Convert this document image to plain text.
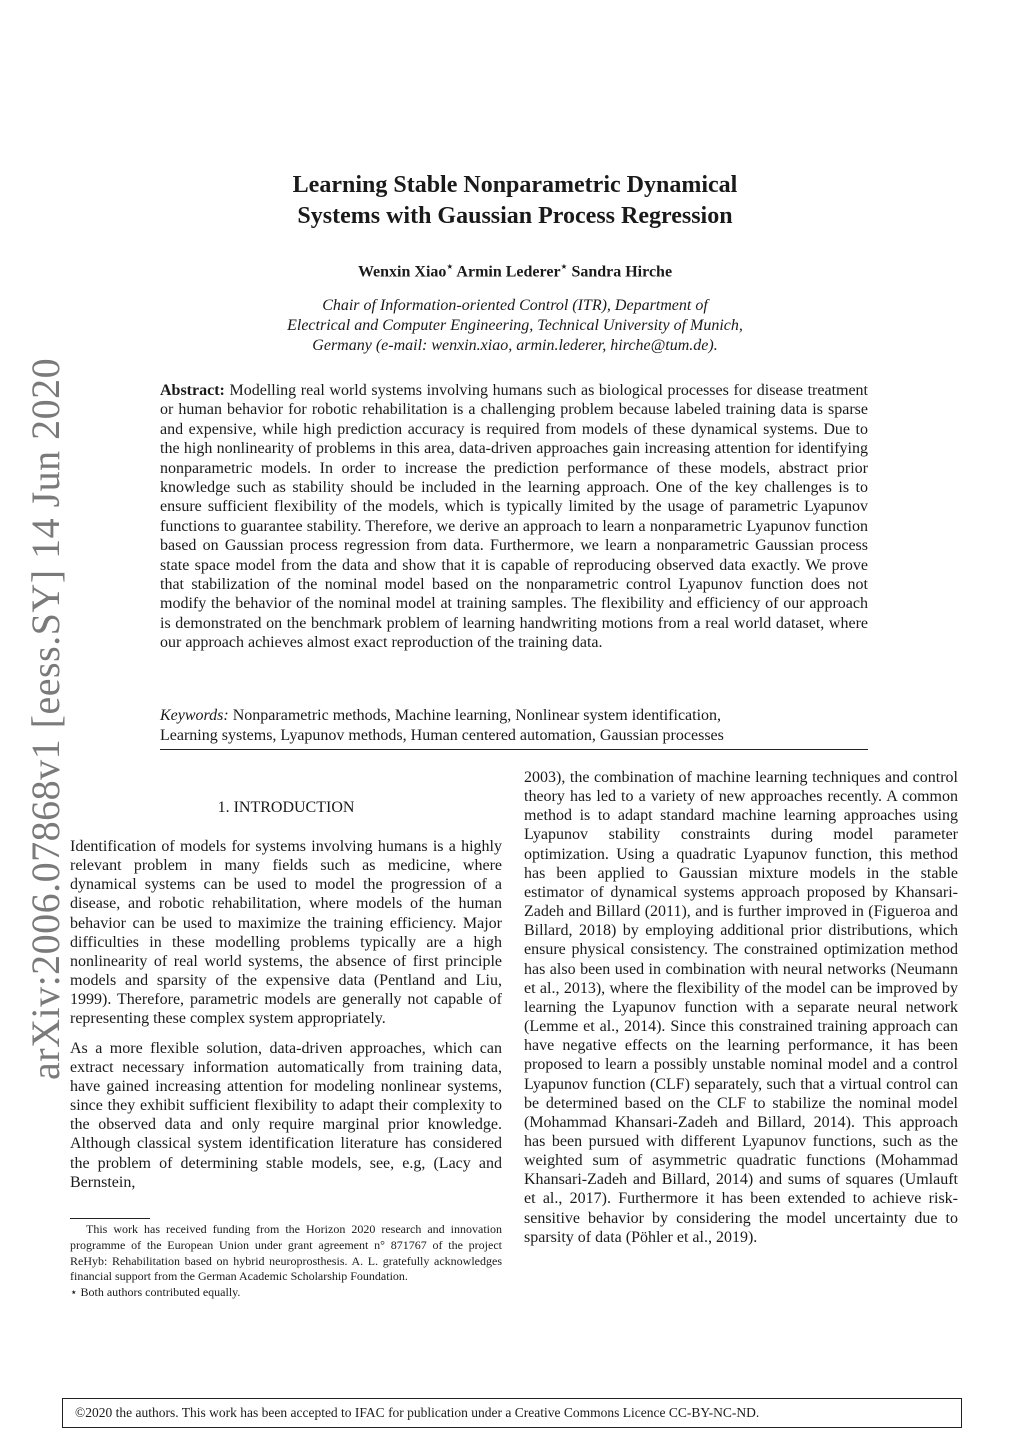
arXiv:2006.07868v1 [eess.SY] 14 Jun 2020
Learning Stable Nonparametric Dynamical
Systems with Gaussian Process Regression
Wenxin Xiao⋆ Armin Lederer⋆ Sandra Hirche
Chair of Information-oriented Control (ITR), Department of
Electrical and Computer Engineering, Technical University of Munich,
Germany (e-mail: wenxin.xiao, armin.lederer, hirche@tum.de).
Abstract: Modelling real world systems involving humans such as biological processes for disease treatment or human behavior for robotic rehabilitation is a challenging problem because labeled training data is sparse and expensive, while high prediction accuracy is required from models of these dynamical systems. Due to the high nonlinearity of problems in this area, data-driven approaches gain increasing attention for identifying nonparametric models. In order to increase the prediction performance of these models, abstract prior knowledge such as stability should be included in the learning approach. One of the key challenges is to ensure sufficient flexibility of the models, which is typically limited by the usage of parametric Lyapunov functions to guarantee stability. Therefore, we derive an approach to learn a nonparametric Lyapunov function based on Gaussian process regression from data. Furthermore, we learn a nonparametric Gaussian process state space model from the data and show that it is capable of reproducing observed data exactly. We prove that stabilization of the nominal model based on the nonparametric control Lyapunov function does not modify the behavior of the nominal model at training samples. The flexibility and efficiency of our approach is demonstrated on the benchmark problem of learning handwriting motions from a real world dataset, where our approach achieves almost exact reproduction of the training data.
Keywords: Nonparametric methods, Machine learning, Nonlinear system identification,
Learning systems, Lyapunov methods, Human centered automation, Gaussian processes
1. INTRODUCTION

Identification of models for systems involving humans is a highly relevant problem in many fields such as medicine, where dynamical systems can be used to model the progression of a disease, and robotic rehabilitation, where models of the human behavior can be used to maximize the training efficiency. Major difficulties in these modelling problems typically are a high nonlinearity of real world systems, the absence of first principle models and sparsity of the expensive data (Pentland and Liu, 1999). Therefore, parametric models are generally not capable of representing these complex system appropriately.

As a more flexible solution, data-driven approaches, which can extract necessary information automatically from training data, have gained increasing attention for modeling nonlinear systems, since they exhibit sufficient flexibility to adapt their complexity to the observed data and only require marginal prior knowledge. Although classical system identification literature has considered the problem of determining stable models, see, e.g, (Lacy and Bernstein,

2003), the combination of machine learning techniques and control theory has led to a variety of new approaches recently. A common method is to adapt standard machine learning approaches using Lyapunov stability constraints during model parameter optimization. Using a quadratic Lyapunov function, this method has been applied to Gaussian mixture models in the stable estimator of dynamical systems approach proposed by Khansari-Zadeh and Billard (2011), and is further improved in (Figueroa and Billard, 2018) by employing additional prior distributions, which ensure physical consistency. The constrained optimization method has also been used in combination with neural networks (Neumann et al., 2013), where the flexibility of the model can be improved by learning the Lyapunov function with a separate neural network (Lemme et al., 2014). Since this constrained training approach can have negative effects on the learning performance, it has been proposed to learn a possibly unstable nominal model and a control Lyapunov function (CLF) separately, such that a virtual control can be determined based on the CLF to stabilize the nominal model (Mohammad Khansari-Zadeh and Billard, 2014). This approach has been pursued with different Lyapunov functions, such as the weighted sum of asymmetric quadratic functions (Mohammad Khansari-Zadeh and Billard, 2014) and sums of squares (Umlauft et al., 2017). Furthermore it has been extended to achieve risk-sensitive behavior by considering the model uncertainty due to sparsity of data (Pöhler et al., 2019).

This work has received funding from the Horizon 2020 research and innovation programme of the European Union under grant agreement n° 871767 of the project ReHyb: Rehabilitation based on hybrid neuroprosthesis. A. L. gratefully acknowledges financial support from the German Academic Scholarship Foundation.

⋆ Both authors contributed equally.

©2020 the authors. This work has been accepted to IFAC for publication under a Creative Commons Licence CC-BY-NC-ND.
